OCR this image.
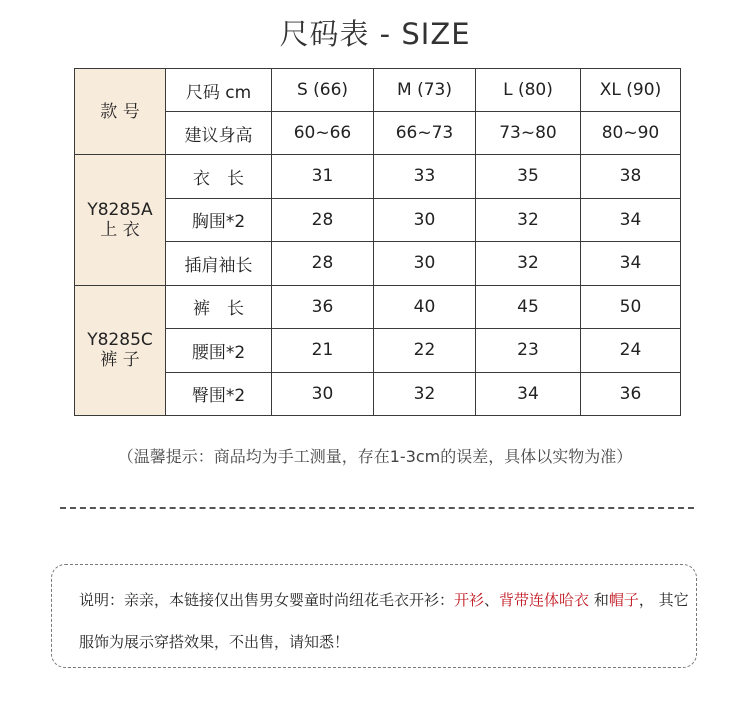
尺码表 - SIZE
款 号	尺码 cm	S (66)	M (73)	L (80)	XL (90)
	建议身高	60~66	66~73	73~80	80~90

Y8285A
上 衣	衣　长	31	33	35	38
	胸围*2	28	30	32	34
	插肩袖长	28	30	32	34

Y8285C
裤 子	裤　长	36	40	45	50
	腰围*2	21	22	23	24
	臀围*2	30	32	34	36
（温馨提示：商品均为手工测量，存在1-3cm的误差，具体以实物为准）
说明：亲亲，本链接仅出售男女婴童时尚纽花毛衣开衫：开衫、背带连体哈衣 和帽子， 其它服饰为展示穿搭效果，不出售，请知悉！
